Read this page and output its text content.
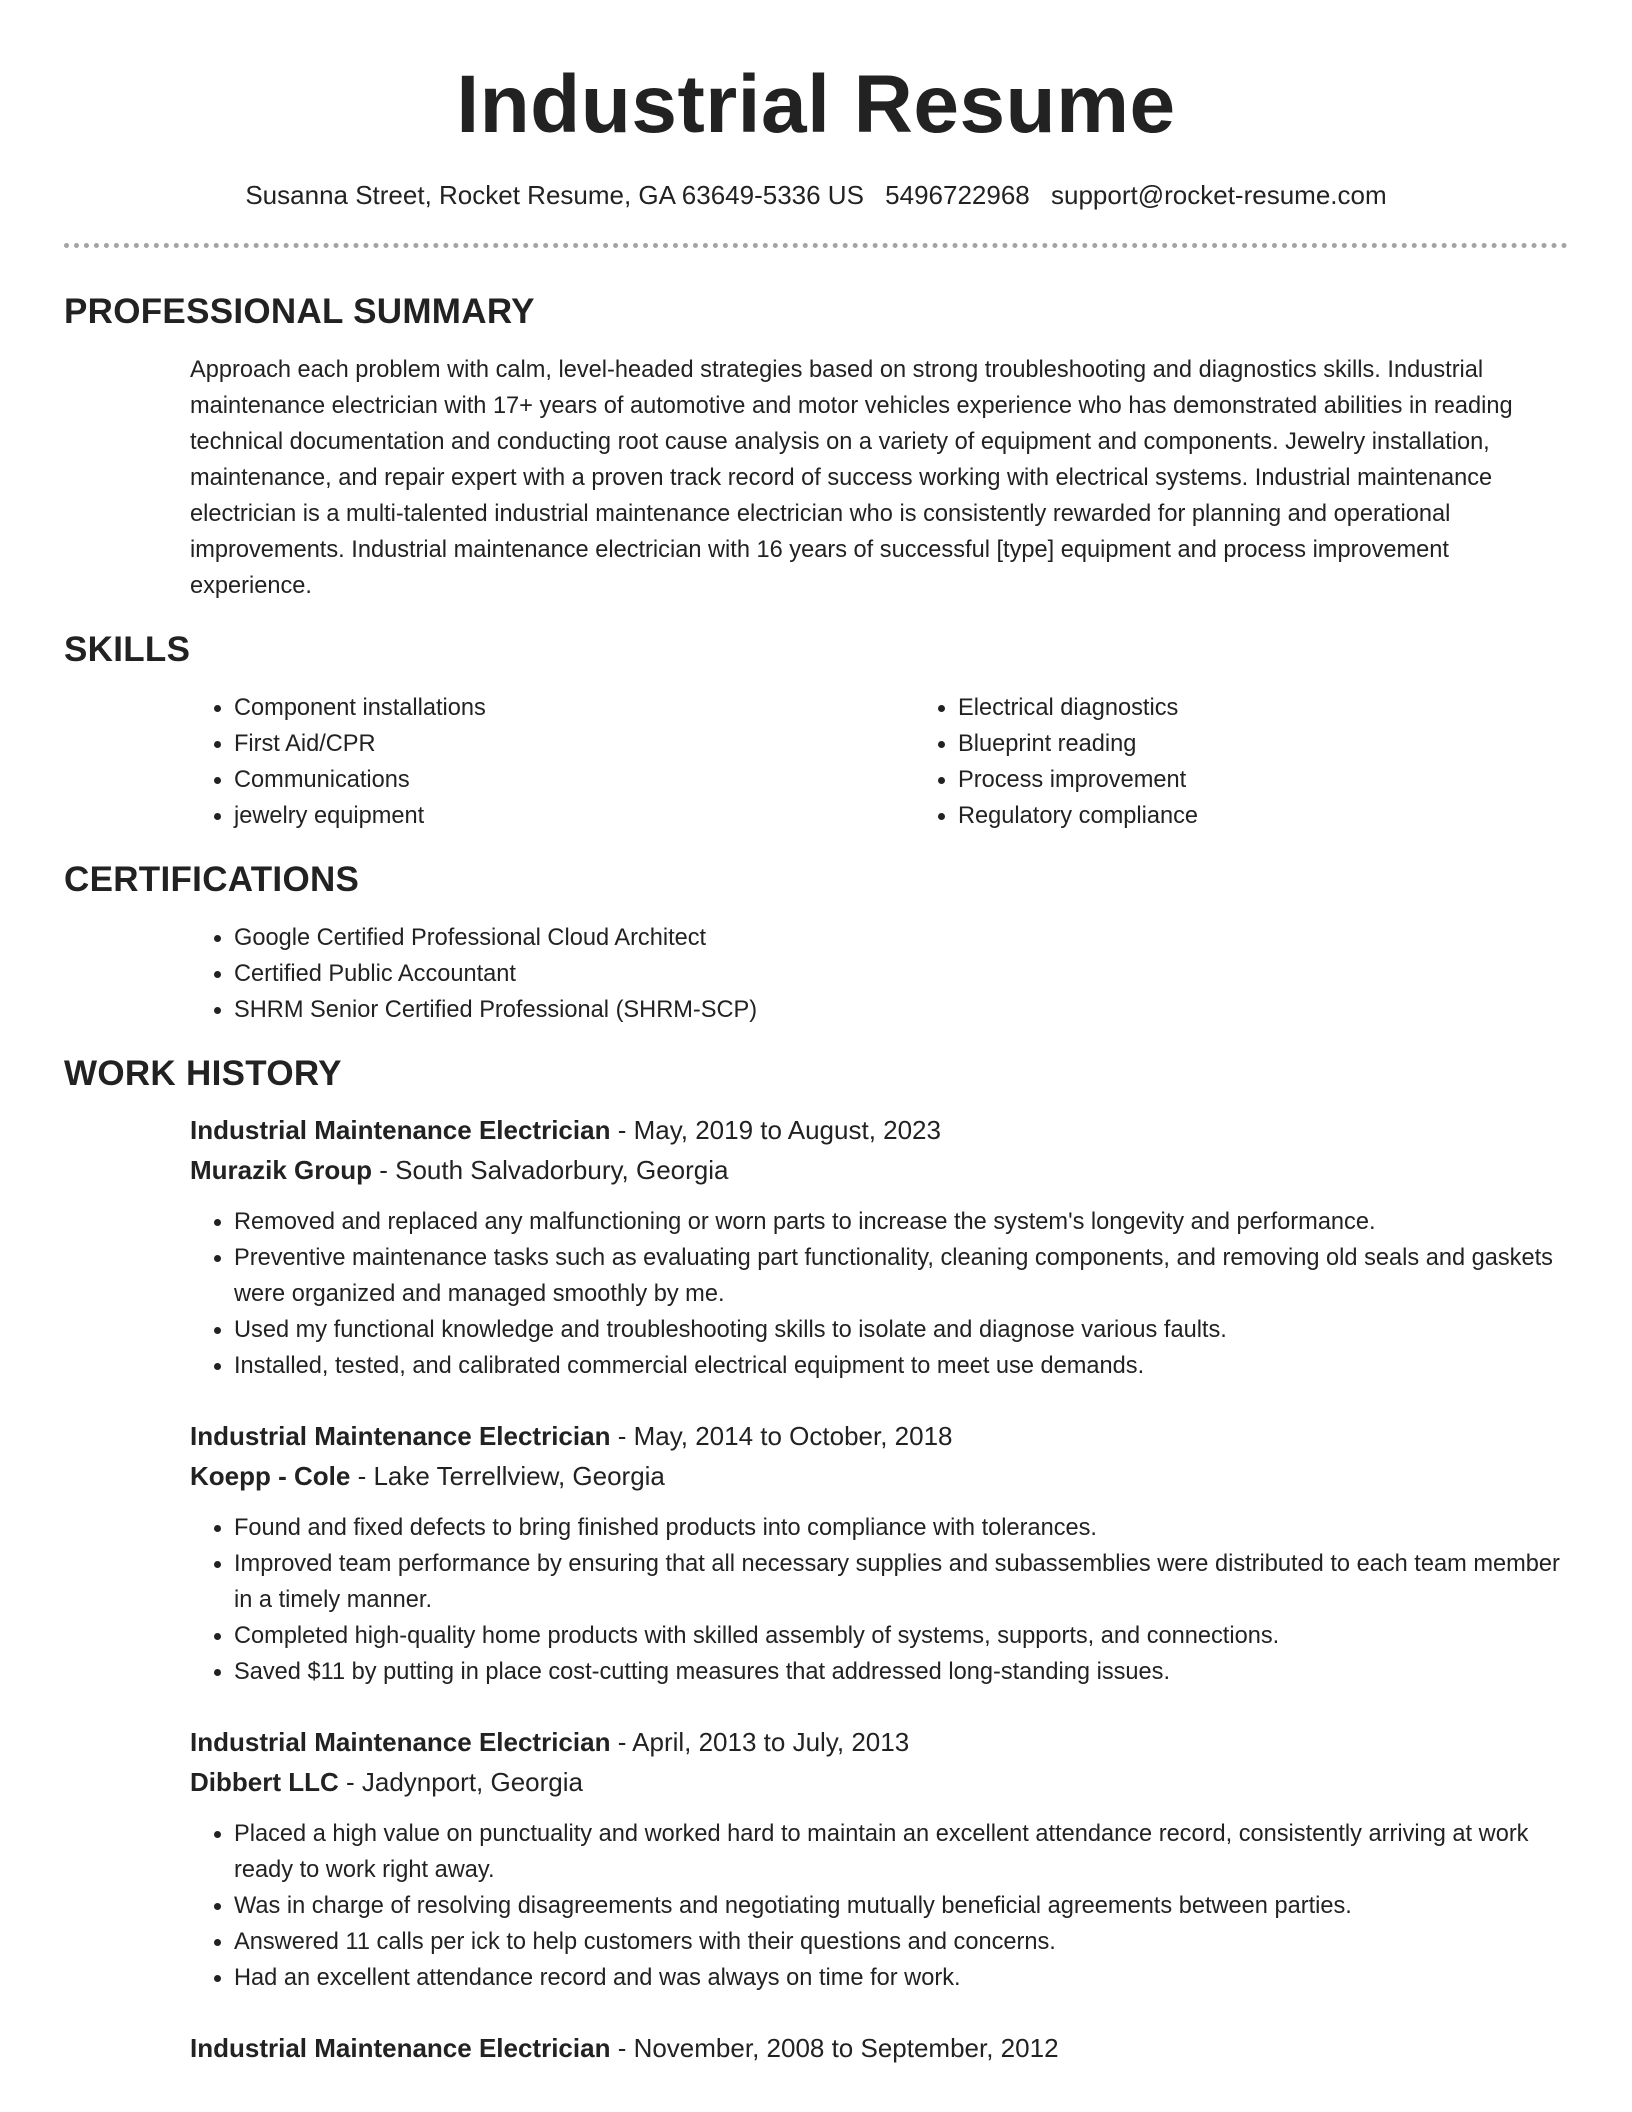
Industrial Resume
Susanna Street, Rocket Resume, GA 63649-5336 US 5496722968 support@rocket-resume.com
PROFESSIONAL SUMMARY

Approach each problem with calm, level-headed strategies based on strong troubleshooting and diagnostics skills. Industrial maintenance electrician with 17+ years of automotive and motor vehicles experience who has demonstrated abilities in reading technical documentation and conducting root cause analysis on a variety of equipment and components. Jewelry installation, maintenance, and repair expert with a proven track record of success working with electrical systems. Industrial maintenance electrician is a multi-talented industrial maintenance electrician who is consistently rewarded for planning and operational improvements. Industrial maintenance electrician with 16 years of successful [type] equipment and process improvement experience.

SKILLS
• Component installations
• First Aid/CPR
• Communications
• jewelry equipment
• Electrical diagnostics
• Blueprint reading
• Process improvement
• Regulatory compliance
CERTIFICATIONS
• Google Certified Professional Cloud Architect
• Certified Public Accountant
• SHRM Senior Certified Professional (SHRM-SCP)
WORK HISTORY
Industrial Maintenance Electrician - May, 2019 to August, 2023
Murazik Group - South Salvadorbury, Georgia
• Removed and replaced any malfunctioning or worn parts to increase the system's longevity and performance.
• Preventive maintenance tasks such as evaluating part functionality, cleaning components, and removing old seals and gaskets were organized and managed smoothly by me.
• Used my functional knowledge and troubleshooting skills to isolate and diagnose various faults.
• Installed, tested, and calibrated commercial electrical equipment to meet use demands.
Industrial Maintenance Electrician - May, 2014 to October, 2018
Koepp - Cole - Lake Terrellview, Georgia
• Found and fixed defects to bring finished products into compliance with tolerances.
• Improved team performance by ensuring that all necessary supplies and subassemblies were distributed to each team member in a timely manner.
• Completed high-quality home products with skilled assembly of systems, supports, and connections.
• Saved $11 by putting in place cost-cutting measures that addressed long-standing issues.
Industrial Maintenance Electrician - April, 2013 to July, 2013
Dibbert LLC - Jadynport, Georgia
• Placed a high value on punctuality and worked hard to maintain an excellent attendance record, consistently arriving at work ready to work right away.
• Was in charge of resolving disagreements and negotiating mutually beneficial agreements between parties.
• Answered 11 calls per ick to help customers with their questions and concerns.
• Had an excellent attendance record and was always on time for work.
Industrial Maintenance Electrician - November, 2008 to September, 2012
